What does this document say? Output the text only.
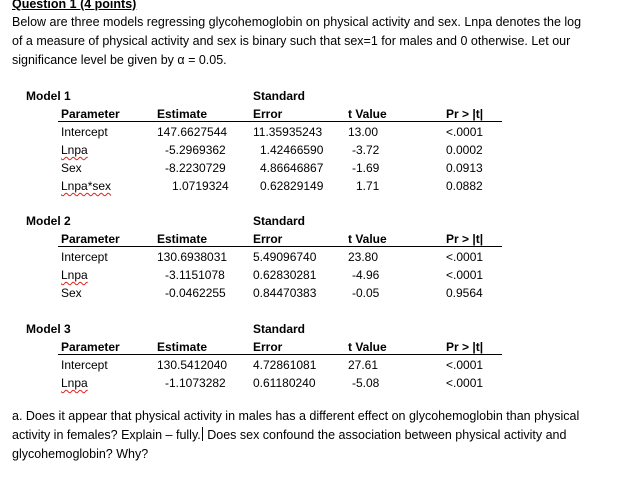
Question 1 (4 points)
Below are three models regressing glycohemoglobin on physical activity and sex. Lnpa denotes the log
of a measure of physical activity and sex is binary such that sex=1 for males and 0 otherwise. Let our
significance level be given by α = 0.05.
Model 1	Standard
Parameter	Estimate	Error	t Value	Pr > |t|
Intercept	147.6627544 11.35935243 13.00	<.0001
Lnpa	-5.2969362	1.42466590 -3.72	0.0002
Sex	-8.2230729	4.86646867 -1.69	0.0913
Lnpa*sex	1.0719324	0.62829149	1.71	0.0882
Model 2	Standard
Parameter	Estimate	Error	t Value	Pr > |t|
Intercept	130.6938031 5.49096740	23.80	<.0001
Lnpa	-3.1151078 0.62830281	-4.96	<.0001
Sex	-0.0462255 0.84470383	-0.05	0.9564
Model 3	Standard
Parameter	Estimate	Error	t Value	Pr > |t|
Intercept	130.5412040 4.72861081	27.61	<.0001
Lnpa	-1.1073282 0.61180240	-5.08	<.0001
a. Does it appear that physical activity in males has a different effect on glycohemoglobin than physical
activity in females? Explain – fully. Does sex confound the association between physical activity and
glycohemoglobin? Why?
